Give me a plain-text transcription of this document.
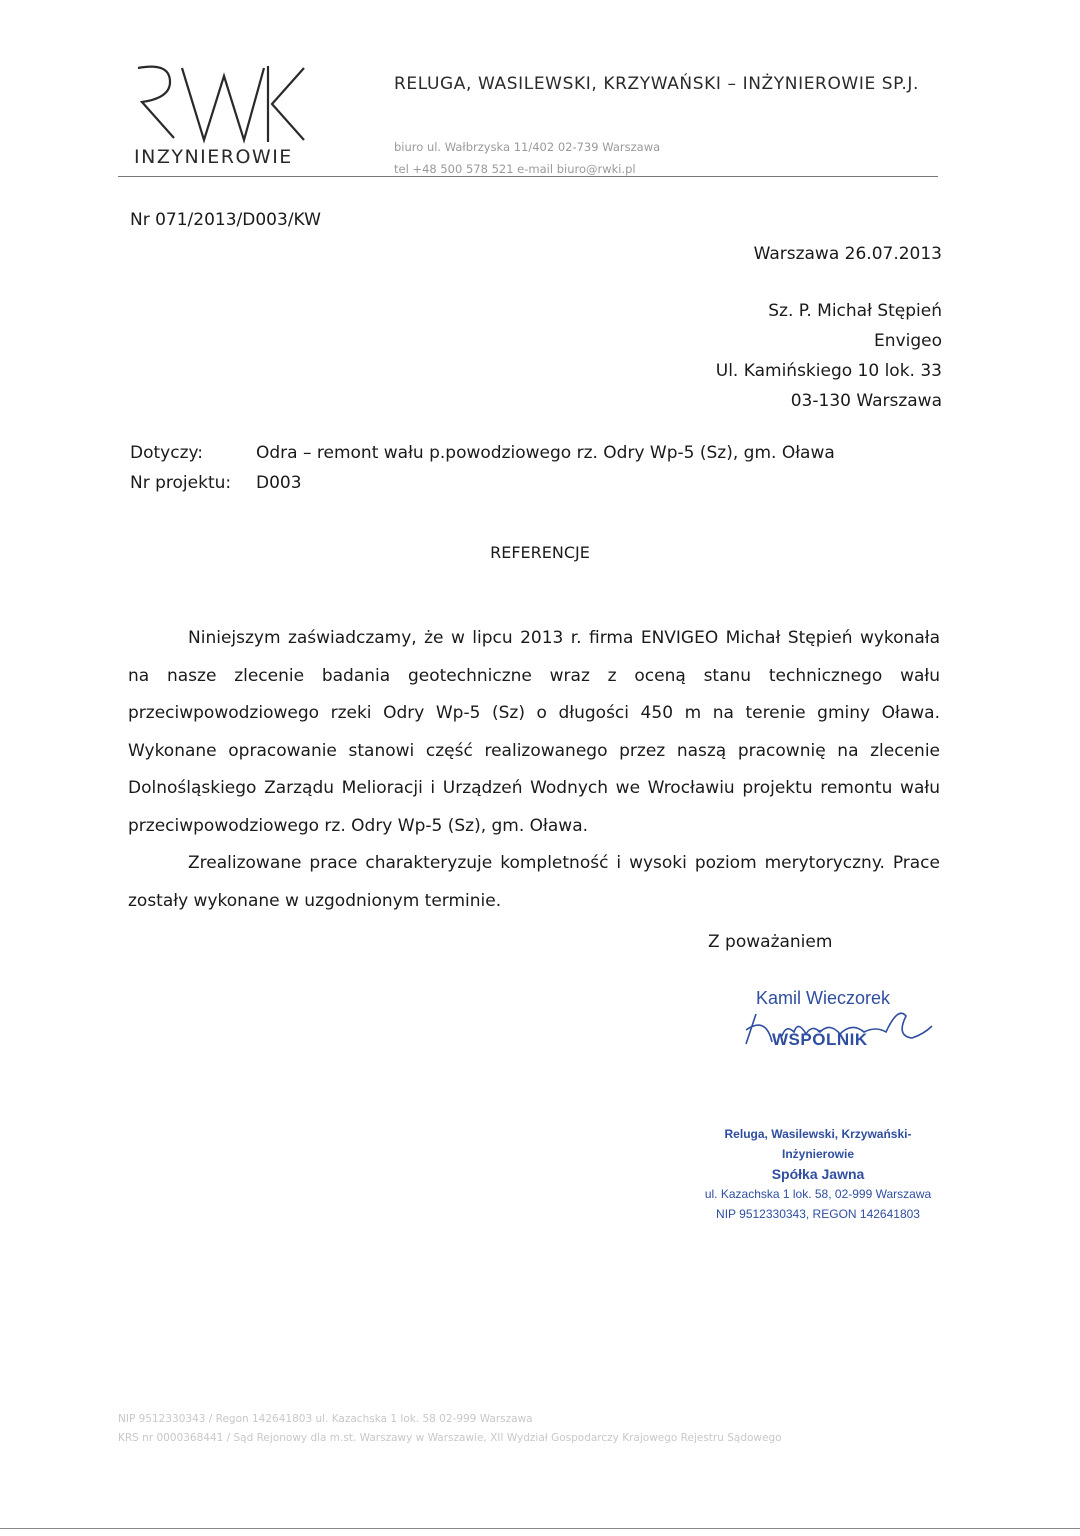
INZYNIEROWIE
RELUGA, WASILEWSKI, KRZYWAŃSKI – INŻYNIEROWIE SP.J.
biuro ul. Wałbrzyska 11/402 02-739 Warszawa
tel +48 500 578 521 e-mail biuro@rwki.pl
Nr 071/2013/D003/KW
Warszawa 26.07.2013
Sz. P. Michał Stępień
Envigeo
Ul. Kamińskiego 10 lok. 33
03-130 Warszawa
Dotyczy:	Odra – remont wału p.powodziowego rz. Odry Wp-5 (Sz), gm. Oława
Nr projektu:	D003
REFERENCJE

Niniejszym zaświadczamy, że w lipcu 2013 r. firma ENVIGEO Michał Stępień wykonała na nasze zlecenie badania geotechniczne wraz z oceną stanu technicznego wału przeciwpowodziowego rzeki Odry Wp-5 (Sz) o długości 450 m na terenie gminy Oława. Wykonane opracowanie stanowi część realizowanego przez naszą pracownię na zlecenie Dolnośląskiego Zarządu Melioracji i Urządzeń Wodnych we Wrocławiu projektu remontu wału przeciwpowodziowego rz. Odry Wp-5 (Sz), gm. Oława.

Zrealizowane prace charakteryzuje kompletność i wysoki poziom merytoryczny. Prace zostały wykonane w uzgodnionym terminie.

Z poważaniem
Kamil Wieczorek
WSPÓLNIK
Reluga, Wasilewski, Krzywański-Inżynierowie
Spółka Jawna
ul. Kazachska 1 lok. 58, 02-999 Warszawa
NIP 9512330343, REGON 142641803
NIP 9512330343 / Regon 142641803 ul. Kazachska 1 lok. 58 02-999 Warszawa
KRS nr 0000368441 / Sąd Rejonowy dla m.st. Warszawy w Warszawie, XII Wydział Gospodarczy Krajowego Rejestru Sądowego
